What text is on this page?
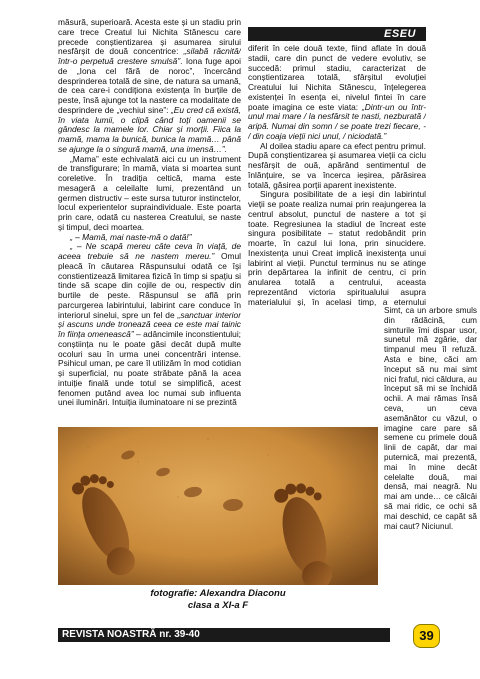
ESEU

măsură, superioară. Acesta este și un stadiu prin care trece Creatul lui Nichita Stănescu care precede conștientizarea și asumarea sirului nesfârșit de două concentrice: „silabă răcnită/ într-o perpetuă crestere smulsă”. Iona fuge apoi de „Iona cel fără de noroc”, încercând desprinderea totală de sine, de natura sa umană, de cea care-i condiționa existența în burțile de peste, însă ajunge tot la nastere ca modalitate de desprindere de „vechiul sine”: „Eu cred că există, în viata lumii, o clipă când toți oamenii se gândesc la mamele lor. Chiar și morții. Fiica la mamă, mama la bunică, bunica la mamă… până se ajunge la o singură mamă, una imensă…”.

„Mama” este echivalată aici cu un instrument de transfigurare; în mamă, viata si moartea sunt coreletive. În tradiția celtică, mama este mesageră a celeilalte lumi, prezentând un germen distructiv – este sursa tuturor instinctelor, locul experientelor supraindividuale. Este poarta prin care, odată cu nasterea Creatului, se naste și timpul, deci moartea.

„ – Mamă, mai naste-mă o dată!”

„ – Ne scapă mereu câte ceva în viață, de aceea trebuie să ne nastem mereu.” Omul pleacă în căutarea Răspunsului odată ce își constientizează limitarea fizică în timp si spațiu si tinde să scape din cojile de ou, respectiv din burtile de peste. Răspunsul se află prin parcurgerea labirintului, labirint care conduce în interiorul sinelui, spre un fel de „sanctuar interior și ascuns unde tronează ceea ce este mai tainic în ființa omenească” – adâncimile inconstientului; conștiința nu le poate găsi decât după multe ocoluri sau în urma unei concentrări intense. Psihicul uman, pe care îl utilizăm în mod cotidian și superficial, nu poate străbate până la acea intuiție finală unde totul se simplifică, acest fenomen putând avea loc numai sub influenta unei iluminări. Intuiția iluminatoare ni se prezintă

diferit în cele două texte, fiind aflate în două stadii, care din punct de vedere evolutiv, se succedă: primul stadiu, caracterizat de conștientizarea totală, sfârșitul evoluției Creatului lui Nichita Stănescu, înțelegerea existenței în esența ei, nivelul fintei în care poate imagina ce este viata: „Dintr-un ou într-unul mai mare / la nesfârsit te nasti, nezburată / aripă. Numai din somn / se poate trezi fiecare, - / din coaja vieții nici unul, / niciodată.”

Al doilea stadiu apare ca efect pentru primul. După conștientizarea și asumarea vieții ca ciclu nesfârșit de ouă, apărând sentimentul de înlănțuire, se va încerca ieșirea, părăsirea totală, găsirea porții aparent inexistente.

Singura posibilitate de a ieși din labirintul vieții se poate realiza numai prin reajungerea la centrul absolut, punctul de nastere a tot și toate. Regresiunea la stadiul de încreat este singura posibilitate – statut redobândit prin moarte, în cazul lui Iona, prin sinucidere. Inexistența unui Creat implică inexistența unui labirint al vieții. Punctul terminus nu se atinge prin depărtarea la infinit de centru, ci prin anularea totală a centrului, aceasta reprezentând victoria spiritualului asupra materialului și, în acelasi timp, a eternului

Simt, ca un arbore smuls din rădăcină, cum simturile îmi dispar usor, sunetul mă zgârie, dar timpanul meu îl refuză. Asta e bine, căci am început să nu mai simt nici fraful, nici căldura, au început să mi se închidă ochii. A mai rămas însă ceva, un ceva asemănător cu văzul, o imagine care pare să semene cu primele două linii de capăt, dar mai puternică, mai prezentă, mai în mine decât celelalte două, mai densă, mai neagră. Nu mai am unde… ce călcâi să mai ridic, ce ochi să mai deschid, ce capăt să mai caut? Niciunul.
fotografie: Alexandra Diaconu
clasa a XI-a F
REVISTA NOASTRĂ nr. 39-40	39
